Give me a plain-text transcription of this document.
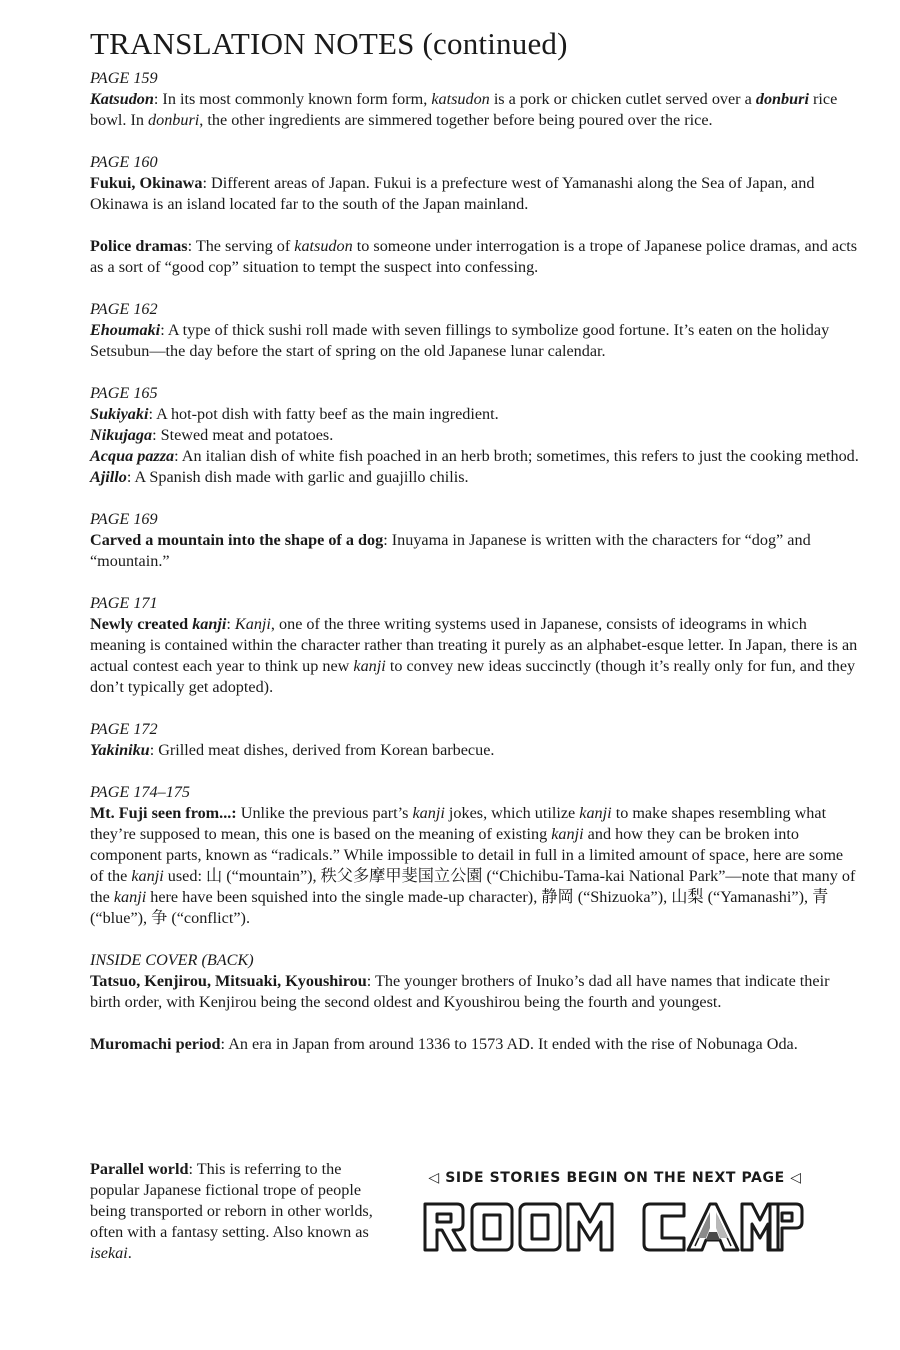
TRANSLATION NOTES (continued)
PAGE 159

Katsudon: In its most commonly known form form, katsudon is a pork or chicken cutlet served over a donburi rice bowl. In donburi, the other ingredients are simmered together before being poured over the rice.

PAGE 160

Fukui, Okinawa: Different areas of Japan. Fukui is a prefecture west of Yamanashi along the Sea of Japan, and Okinawa is an island located far to the south of the Japan mainland.

Police dramas: The serving of katsudon to someone under interrogation is a trope of Japanese police dramas, and acts as a sort of “good cop” situation to tempt the suspect into confessing.

PAGE 162

Ehoumaki: A type of thick sushi roll made with seven fillings to symbolize good fortune. It’s eaten on the holiday Setsubun—the day before the start of spring on the old Japanese lunar calendar.

PAGE 165

Sukiyaki: A hot-pot dish with fatty beef as the main ingredient.

Nikujaga: Stewed meat and potatoes.

Acqua pazza: An italian dish of white fish poached in an herb broth; sometimes, this refers to just the cooking method.

Ajillo: A Spanish dish made with garlic and guajillo chilis.

PAGE 169

Carved a mountain into the shape of a dog: Inuyama in Japanese is written with the characters for “dog” and “mountain.”

PAGE 171

Newly created kanji: Kanji, one of the three writing systems used in Japanese, consists of ideograms in which meaning is contained within the character rather than treating it purely as an alphabet-esque letter. In Japan, there is an actual contest each year to think up new kanji to convey new ideas succinctly (though it’s really only for fun, and they don’t typically get adopted).

PAGE 172

Yakiniku: Grilled meat dishes, derived from Korean barbecue.

PAGE 174–175

Mt. Fuji seen from...: Unlike the previous part’s kanji jokes, which utilize kanji to make shapes resembling what they’re supposed to mean, this one is based on the meaning of existing kanji and how they can be broken into component parts, known as “radicals.” While impossible to detail in full in a limited amount of space, here are some of the kanji used: 山 (“mountain”), 秩父多摩甲斐国立公園 (“Chichibu-Tama-kai National Park”—note that many of the kanji here have been squished into the single made-up character), 静岡 (“Shizuoka”), 山梨 (“Yamanashi”), 青 (“blue”), 争 (“conflict”).

INSIDE COVER (BACK)

Tatsuo, Kenjirou, Mitsuaki, Kyoushirou: The younger brothers of Inuko’s dad all have names that indicate their birth order, with Kenjirou being the second oldest and Kyoushirou being the fourth and youngest.

Muromachi period: An era in Japan from around 1336 to 1573 AD. It ended with the rise of Nobunaga Oda.

Parallel world: This is referring to the popular Japanese fictional trope of people being transported or reborn in other worlds, often with a fantasy setting. Also known as isekai.

◁ SIDE STORIES BEGIN ON THE NEXT PAGE ◁
